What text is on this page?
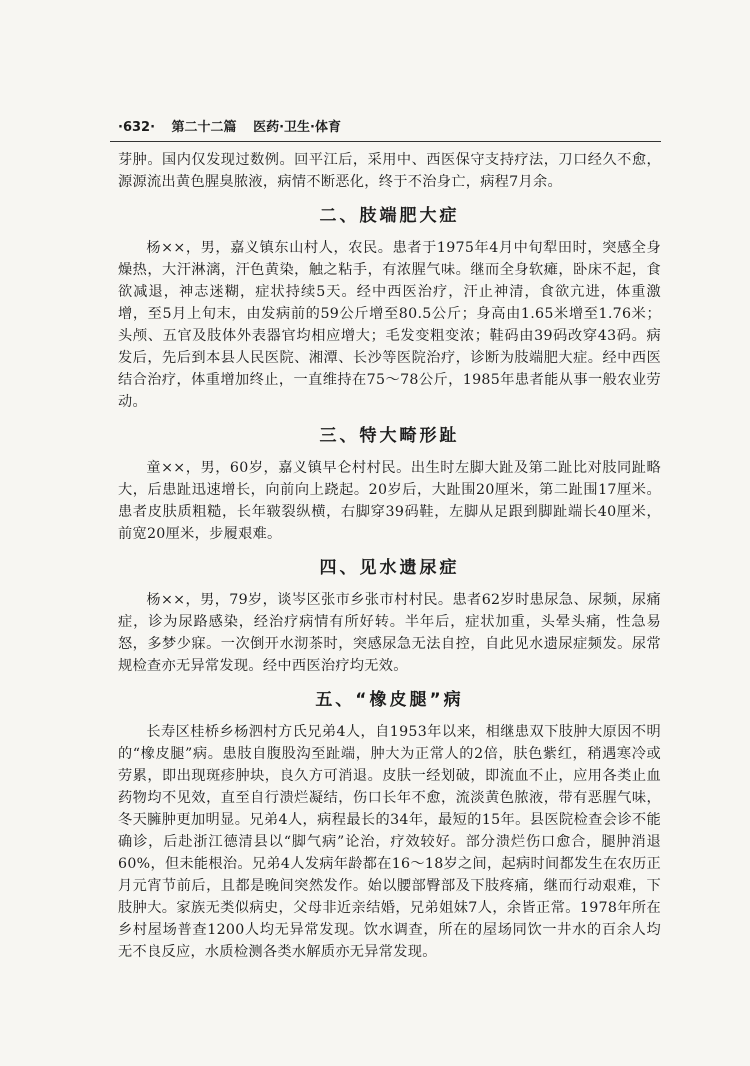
·632· 第二十二篇 医药·卫生·体育

芽肿。国内仅发现过数例。回平江后，采用中、西医保守支持疗法，刀口经久不愈，源源流出黄色腥臭脓液，病情不断恶化，终于不治身亡，病程7月余。

二、肢端肥大症

杨××，男，嘉义镇东山村人，农民。患者于1975年4月中旬犁田时，突感全身燥热，大汗淋漓，汗色黄染，触之粘手，有浓腥气味。继而全身软瘫，卧床不起，食欲减退，神志迷糊，症状持续5天。经中西医治疗，汗止神清，食欲亢进，体重激增，至5月上旬末，由发病前的59公斤增至80.5公斤；身高由1.65米增至1.76米；头颅、五官及肢体外表器官均相应增大；毛发变粗变浓；鞋码由39码改穿43码。病发后，先后到本县人民医院、湘潭、长沙等医院治疗，诊断为肢端肥大症。经中西医结合治疗，体重增加终止，一直维持在75～78公斤，1985年患者能从事一般农业劳动。

三、特大畸形趾

童××，男，60岁，嘉义镇早仑村村民。出生时左脚大趾及第二趾比对肢同趾略大，后患趾迅速增长，向前向上跷起。20岁后，大趾围20厘米，第二趾围17厘米。患者皮肤质粗糙，长年皲裂纵横，右脚穿39码鞋，左脚从足跟到脚趾端长40厘米，前宽20厘米，步履艰难。

四、见水遗尿症

杨××，男，79岁，谈岑区张市乡张市村村民。患者62岁时患尿急、尿频，尿痛症，诊为尿路感染，经治疗病情有所好转。半年后，症状加重，头晕头痛，性急易怒，多梦少寐。一次倒开水沏茶时，突感尿急无法自控，自此见水遗尿症频发。尿常规检查亦无异常发现。经中西医治疗均无效。

五、“橡皮腿”病

长寿区桂桥乡杨泗村方氏兄弟4人，自1953年以来，相继患双下肢肿大原因不明的“橡皮腿”病。患肢自腹股沟至趾端，肿大为正常人的2倍，肤色紫红，稍遇寒冷或劳累，即出现斑疹肿块，良久方可消退。皮肤一经划破，即流血不止，应用各类止血药物均不见效，直至自行溃烂凝结，伤口长年不愈，流淡黄色脓液，带有恶腥气味，冬天臃肿更加明显。兄弟4人，病程最长的34年，最短的15年。县医院检查会诊不能确诊，后赴浙江德清县以“脚气病”论治，疗效较好。部分溃烂伤口愈合，腿肿消退60%，但未能根治。兄弟4人发病年龄都在16～18岁之间，起病时间都发生在农历正月元宵节前后，且都是晚间突然发作。始以腰部臀部及下肢疼痛，继而行动艰难，下肢肿大。家族无类似病史，父母非近亲结婚，兄弟姐妹7人，余皆正常。1978年所在乡村屋场普查1200人均无异常发现。饮水调查，所在的屋场同饮一井水的百余人均无不良反应，水质检测各类水解质亦无异常发现。
